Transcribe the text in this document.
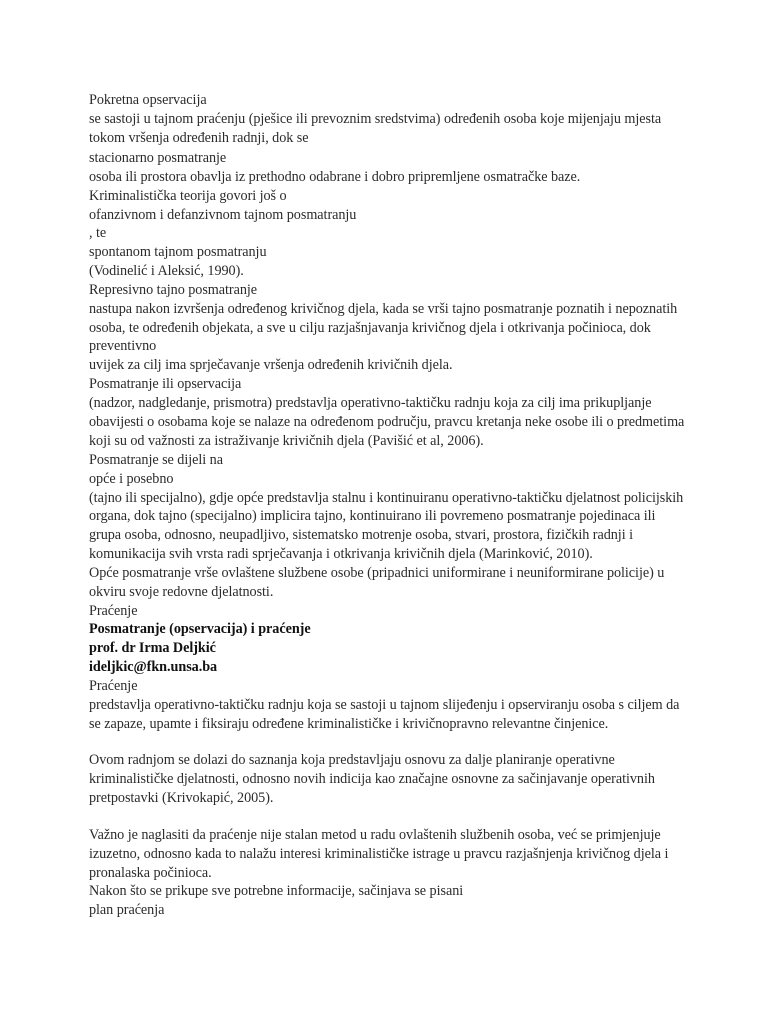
Pokretna opservacija

se sastoji u tajnom praćenju (pješice ili prevoznim sredstvima) određenih osoba koje mijenjaju mjesta

tokom vršenja određenih radnji, dok se

stacionarno posmatranje

osoba ili prostora obavlja iz prethodno odabrane i dobro pripremljene osmatračke baze.

Kriminalistička teorija govori još o

ofanzivnom i defanzivnom tajnom posmatranju

, te

spontanom tajnom posmatranju

(Vodinelić i Aleksić, 1990).

Represivno tajno posmatranje

nastupa nakon izvršenja određenog krivičnog djela, kada se vrši tajno posmatranje poznatih i nepoznatih

osoba, te određenih objekata, a sve u cilju razjašnjavanja krivičnog djela i otkrivanja počinioca, dok

preventivno

uvijek za cilj ima sprječavanje vršenja određenih krivičnih djela.

Posmatranje ili opservacija

(nadzor, nadgledanje, prismotra) predstavlja operativno-taktičku radnju koja za cilj ima prikupljanje

obavijesti o osobama koje se nalaze na određenom području, pravcu kretanja neke osobe ili o predmetima

koji su od važnosti za istraživanje krivičnih djela (Pavišić et al, 2006).

Posmatranje se dijeli na

opće i posebno

(tajno ili specijalno), gdje opće predstavlja stalnu i kontinuiranu operativno-taktičku djelatnost policijskih

organa, dok tajno (specijalno) implicira tajno, kontinuirano ili povremeno posmatranje pojedinaca ili

grupa osoba, odnosno, neupadljivo, sistematsko motrenje osoba, stvari, prostora, fizičkih radnji i

komunikacija svih vrsta radi sprječavanja i otkrivanja krivičnih djela (Marinković, 2010).

Opće posmatranje vrše ovlaštene službene osobe (pripadnici uniformirane i neuniformirane policije) u

okviru svoje redovne djelatnosti.

Praćenje

Posmatranje (opservacija) i praćenje

prof. dr Irma Deljkić

ideljkic@fkn.unsa.ba

Praćenje

predstavlja operativno-taktičku radnju koja se sastoji u tajnom slijeđenju i opserviranju osoba s ciljem da

se zapaze, upamte i fiksiraju određene kriminalističke i krivičnopravno relevantne činjenice.

Ovom radnjom se dolazi do saznanja koja predstavljaju osnovu za dalje planiranje operativne

kriminalističke djelatnosti, odnosno novih indicija kao značajne osnovne za sačinjavanje operativnih

pretpostavki (Krivokapić, 2005).

Važno je naglasiti da praćenje nije stalan metod u radu ovlaštenih službenih osoba, već se primjenjuje

izuzetno, odnosno kada to nalažu interesi kriminalističke istrage u pravcu razjašnjenja krivičnog djela i

pronalaska počinioca.

Nakon što se prikupe sve potrebne informacije, sačinjava se pisani

plan praćenja
